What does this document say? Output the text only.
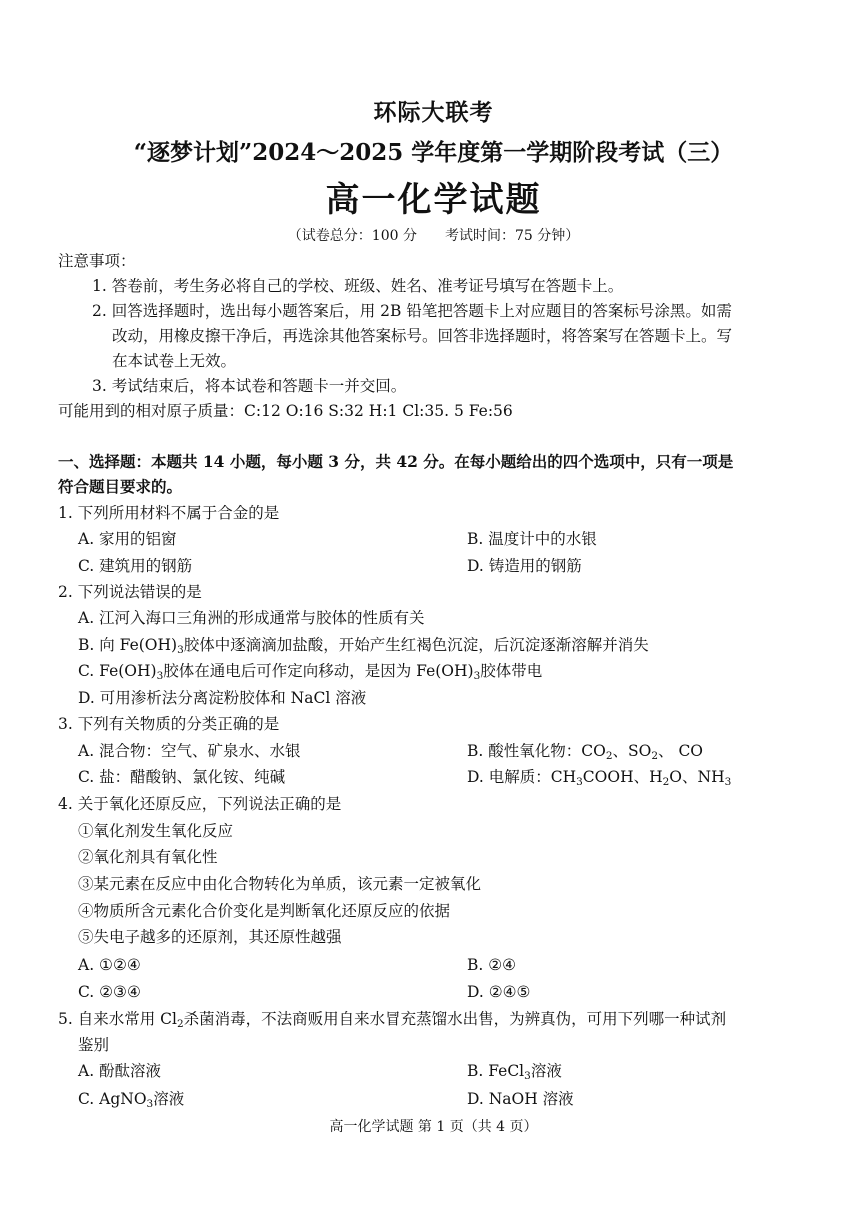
环际大联考
“逐梦计划”2024～2025 学年度第一学期阶段考试（三）
高一化学试题
（试卷总分：100 分 考试时间：75 分钟）
注意事项：
1. 答卷前，考生务必将自己的学校、班级、姓名、准考证号填写在答题卡上。
2. 回答选择题时，选出每小题答案后，用 2B 铅笔把答题卡上对应题目的答案标号涂黑。如需
改动，用橡皮擦干净后，再选涂其他答案标号。回答非选择题时，将答案写在答题卡上。写
在本试卷上无效。
3. 考试结束后，将本试卷和答题卡一并交回。
可能用到的相对原子质量：C:12 O:16 S:32 H:1 Cl:35. 5 Fe:56
一、选择题：本题共 14 小题，每小题 3 分，共 42 分。在每小题给出的四个选项中，只有一项是
符合题目要求的。
1. 下列所用材料不属于合金的是
A. 家用的铝窗	B. 温度计中的水银
C. 建筑用的钢筋	D. 铸造用的钢筋
2. 下列说法错误的是
A. 江河入海口三角洲的形成通常与胶体的性质有关
B. 向 $Fe(OH)_3$胶体中逐滴滴加盐酸，开始产生红褐色沉淀，后沉淀逐渐溶解并消失
C. $Fe(OH)_3$胶体在通电后可作定向移动，是因为 $Fe(OH)_3$胶体带电
D. 可用渗析法分离淀粉胶体和 NaCl 溶液
3. 下列有关物质的分类正确的是
A. 混合物：空气、矿泉水、水银	B. 酸性氧化物：$CO_2$、$SO_2$、 CO
C. 盐：醋酸钠、氯化铵、纯碱	D. 电解质：$CH_3COOH$、$H_2O$、$NH_3$
4. 关于氧化还原反应，下列说法正确的是
①氧化剂发生氧化反应
②氧化剂具有氧化性
③某元素在反应中由化合物转化为单质，该元素一定被氧化
④物质所含元素化合价变化是判断氧化还原反应的依据
⑤失电子越多的还原剂，其还原性越强
A. ①②④	B. ②④
C. ②③④	D. ②④⑤
5. 自来水常用 $Cl_2$杀菌消毒，不法商贩用自来水冒充蒸馏水出售，为辨真伪，可用下列哪一种试剂
鉴别
A. 酚酞溶液	B. FeCl$_3$溶液
C. AgNO$_3$溶液	D. NaOH 溶液
高一化学试题 第 1 页（共 4 页）
